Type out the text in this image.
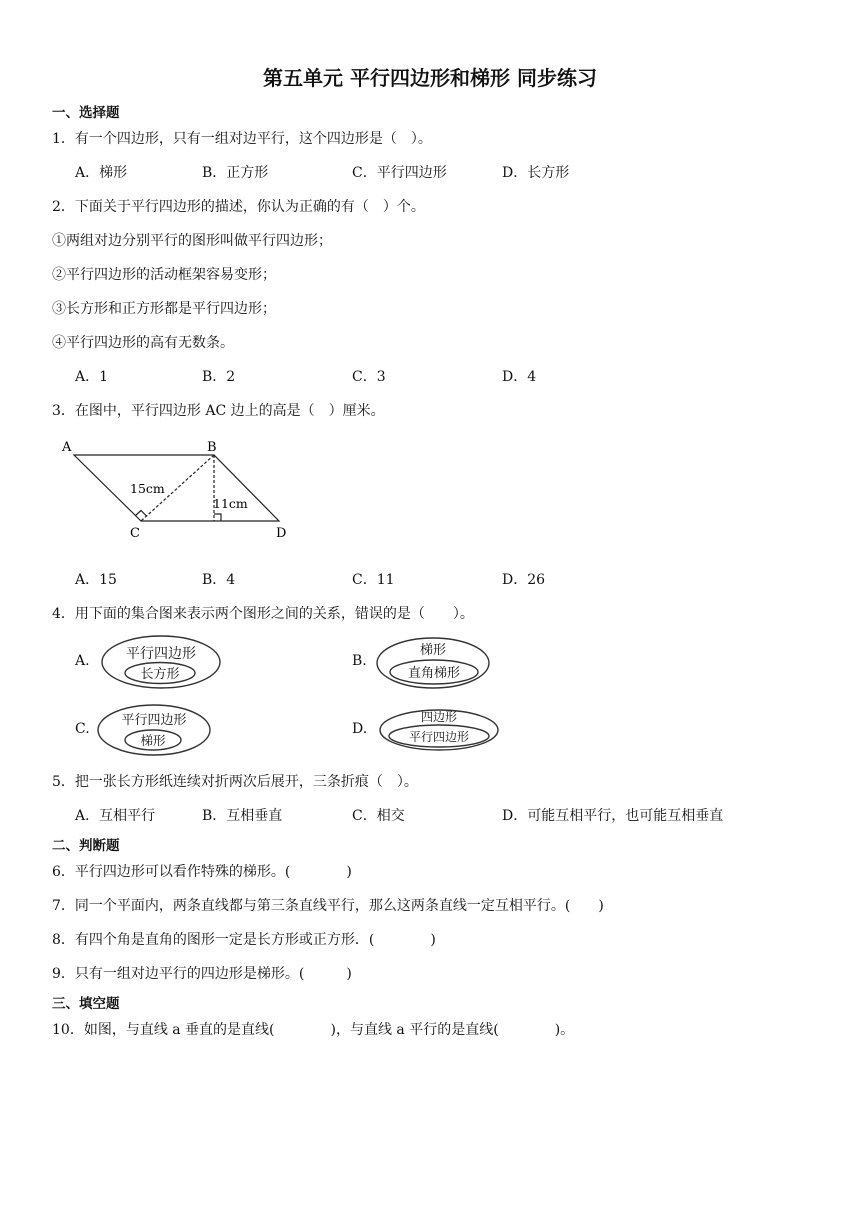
第五单元 平行四边形和梯形 同步练习
一、选择题
1．有一个四边形，只有一组对边平行，这个四边形是（　）。
A．梯形	B．正方形	C．平行四边形	D．长方形
2．下面关于平行四边形的描述，你认为正确的有（　）个。
①两组对边分别平行的图形叫做平行四边形；
②平行四边形的活动框架容易变形；
③长方形和正方形都是平行四边形；
④平行四边形的高有无数条。
A．1	B．2	C．3	D．4
3．在图中，平行四边形 AC 边上的高是（　）厘米。
A	B
C	D
15cm
11cm
A．15	B．4	C．11	D．26
4．用下面的集合图来表示两个图形之间的关系，错误的是（　　）。
A.	B.
C.	D.
平行四边形
长方形
梯形
直角梯形
平行四边形
梯形
四边形
平行四边形
5．把一张长方形纸连续对折两次后展开，三条折痕（　）。
A．互相平行	B．互相垂直	C．相交	D．可能互相平行，也可能互相垂直
二、判断题
6．平行四边形可以看作特殊的梯形。(　　　　)
7．同一个平面内，两条直线都与第三条直线平行，那么这两条直线一定互相平行。(　　)
8．有四个角是直角的图形一定是长方形或正方形．(　　　　)
9．只有一组对边平行的四边形是梯形。(　　　)
三、填空题
10．如图，与直线 a 垂直的是直线(　　　　)，与直线 a 平行的是直线(　　　　)。
